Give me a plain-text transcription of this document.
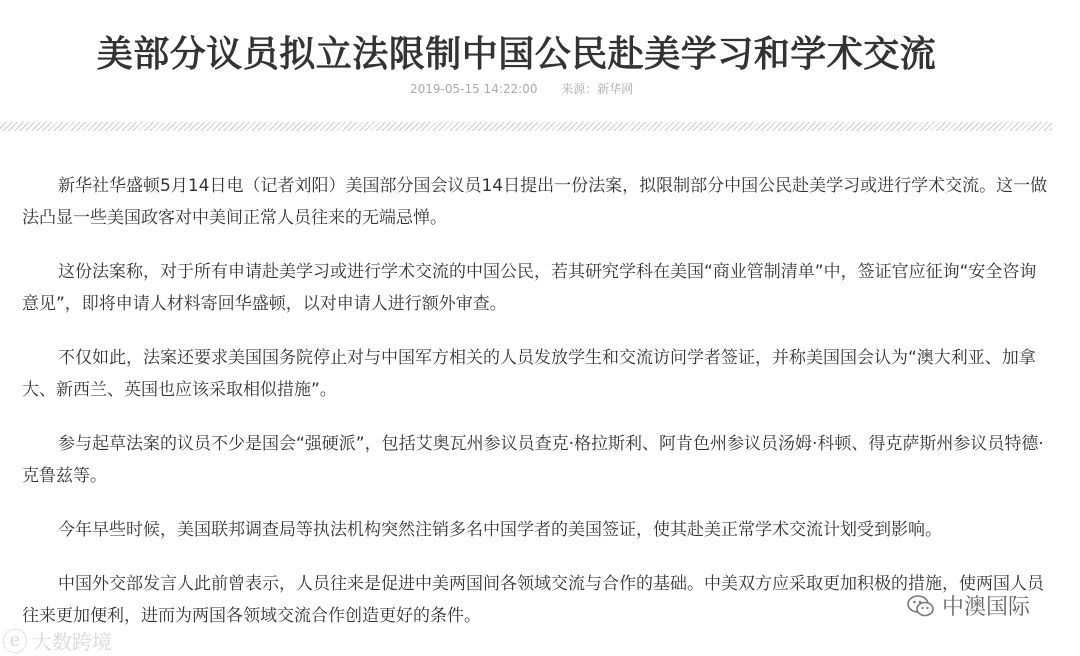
美部分议员拟立法限制中国公民赴美学习和学术交流
2019-05-15 14:22:00 来源：新华网

新华社华盛顿5月14日电（记者刘阳）美国部分国会议员14日提出一份法案，拟限制部分中国公民赴美学习或进行学术交流。这一做法凸显一些美国政客对中美间正常人员往来的无端忌惮。

这份法案称，对于所有申请赴美学习或进行学术交流的中国公民，若其研究学科在美国“商业管制清单”中，签证官应征询“安全咨询意见”，即将申请人材料寄回华盛顿，以对申请人进行额外审查。

不仅如此，法案还要求美国国务院停止对与中国军方相关的人员发放学生和交流访问学者签证，并称美国国会认为“澳大利亚、加拿大、新西兰、英国也应该采取相似措施”。

参与起草法案的议员不少是国会“强硬派”，包括艾奥瓦州参议员查克·格拉斯利、阿肯色州参议员汤姆·科顿、得克萨斯州参议员特德·克鲁兹等。

今年早些时候，美国联邦调查局等执法机构突然注销多名中国学者的美国签证，使其赴美正常学术交流计划受到影响。

中国外交部发言人此前曾表示，人员往来是促进中美两国间各领域交流与合作的基础。中美双方应采取更加积极的措施，使两国人员往来更加便利，进而为两国各领域交流合作创造更好的条件。

ⓔ 大数跨境
中澳国际
